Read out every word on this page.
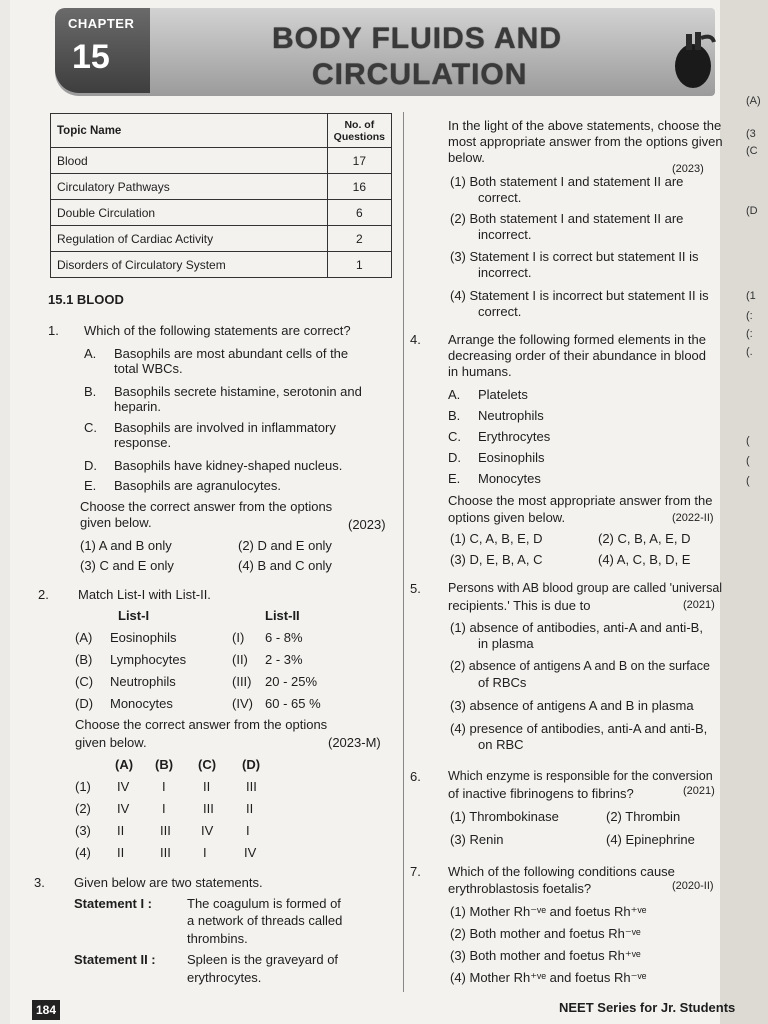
(A)
(3
(C
(D
(1
(:
(:
(.
(
(
(
CHAPTER
15	BODY FLUIDS AND
CIRCULATION
Topic Name	No. of
Questions
Blood	17
Circulatory Pathways	16
Double Circulation	6
Regulation of Cardiac Activity	2
Disorders of Circulatory System	1
15.1 BLOOD
1. Which of the following statements are correct?
A. Basophils are most abundant cells of the
total WBCs.
B. Basophils secrete histamine, serotonin and
heparin.
C. Basophils are involved in inflammatory
response.
D. Basophils have kidney-shaped nucleus.
E. Basophils are agranulocytes.
Choose the correct answer from the options
given below.	(2023)
(1) A and B only	(2) D and E only
(3) C and E only	(4) B and C only
2. Match List-I with List-II.
List-I	List-II
(A) Eosinophils	(I) 6 - 8%
(B) Lymphocytes	(II) 2 - 3%
(C) Neutrophils	(III) 20 - 25%
(D) Monocytes	(IV) 60 - 65 %
Choose the correct answer from the options
given below.	(2023-M)
(A) (B) (C) (D)
(1) IV	I	II	III
(2) IV	I	III II
(3) II	III IV	I
(4) II	III I	IV
3. Given below are two statements.
Statement I :	The coagulum is formed of
a network of threads called
thrombins.
Statement II : Spleen is the graveyard of
erythrocytes.
In the light of the above statements, choose the
most appropriate answer from the options given
below.
(2023)
(1) Both statement I and statement II are
correct.
(2) Both statement I and statement II are
incorrect.
(3) Statement I is correct but statement II is
incorrect.
(4) Statement I is incorrect but statement II is
correct.
4. Arrange the following formed elements in the
decreasing order of their abundance in blood
in humans.
A. Platelets
B. Neutrophils
C. Erythrocytes
D. Eosinophils
E. Monocytes
Choose the most appropriate answer from the
options given below.	(2022-II)
(1) C, A, B, E, D	(2) C, B, A, E, D
(3) D, E, B, A, C	(4) A, C, B, D, E
5. Persons with AB blood group are called 'universal
recipients.' This is due to	(2021)
(1) absence of antibodies, anti-A and anti-B,
in plasma
(2) absence of antigens A and B on the surface
of RBCs
(3) absence of antigens A and B in plasma
(4) presence of antibodies, anti-A and anti-B,
on RBC
6. Which enzyme is responsible for the conversion
of inactive fibrinogens to fibrins?	(2021)
(1) Thrombokinase	(2) Thrombin
(3) Renin	(4) Epinephrine
7. Which of the following conditions cause
erythroblastosis foetalis?	(2020-II)
(1) Mother Rh⁻ᵛᵉ and foetus Rh⁺ᵛᵉ
(2) Both mother and foetus Rh⁻ᵛᵉ
(3) Both mother and foetus Rh⁺ᵛᵉ
(4) Mother Rh⁺ᵛᵉ and foetus Rh⁻ᵛᵉ
184	NEET Series for Jr. Students
